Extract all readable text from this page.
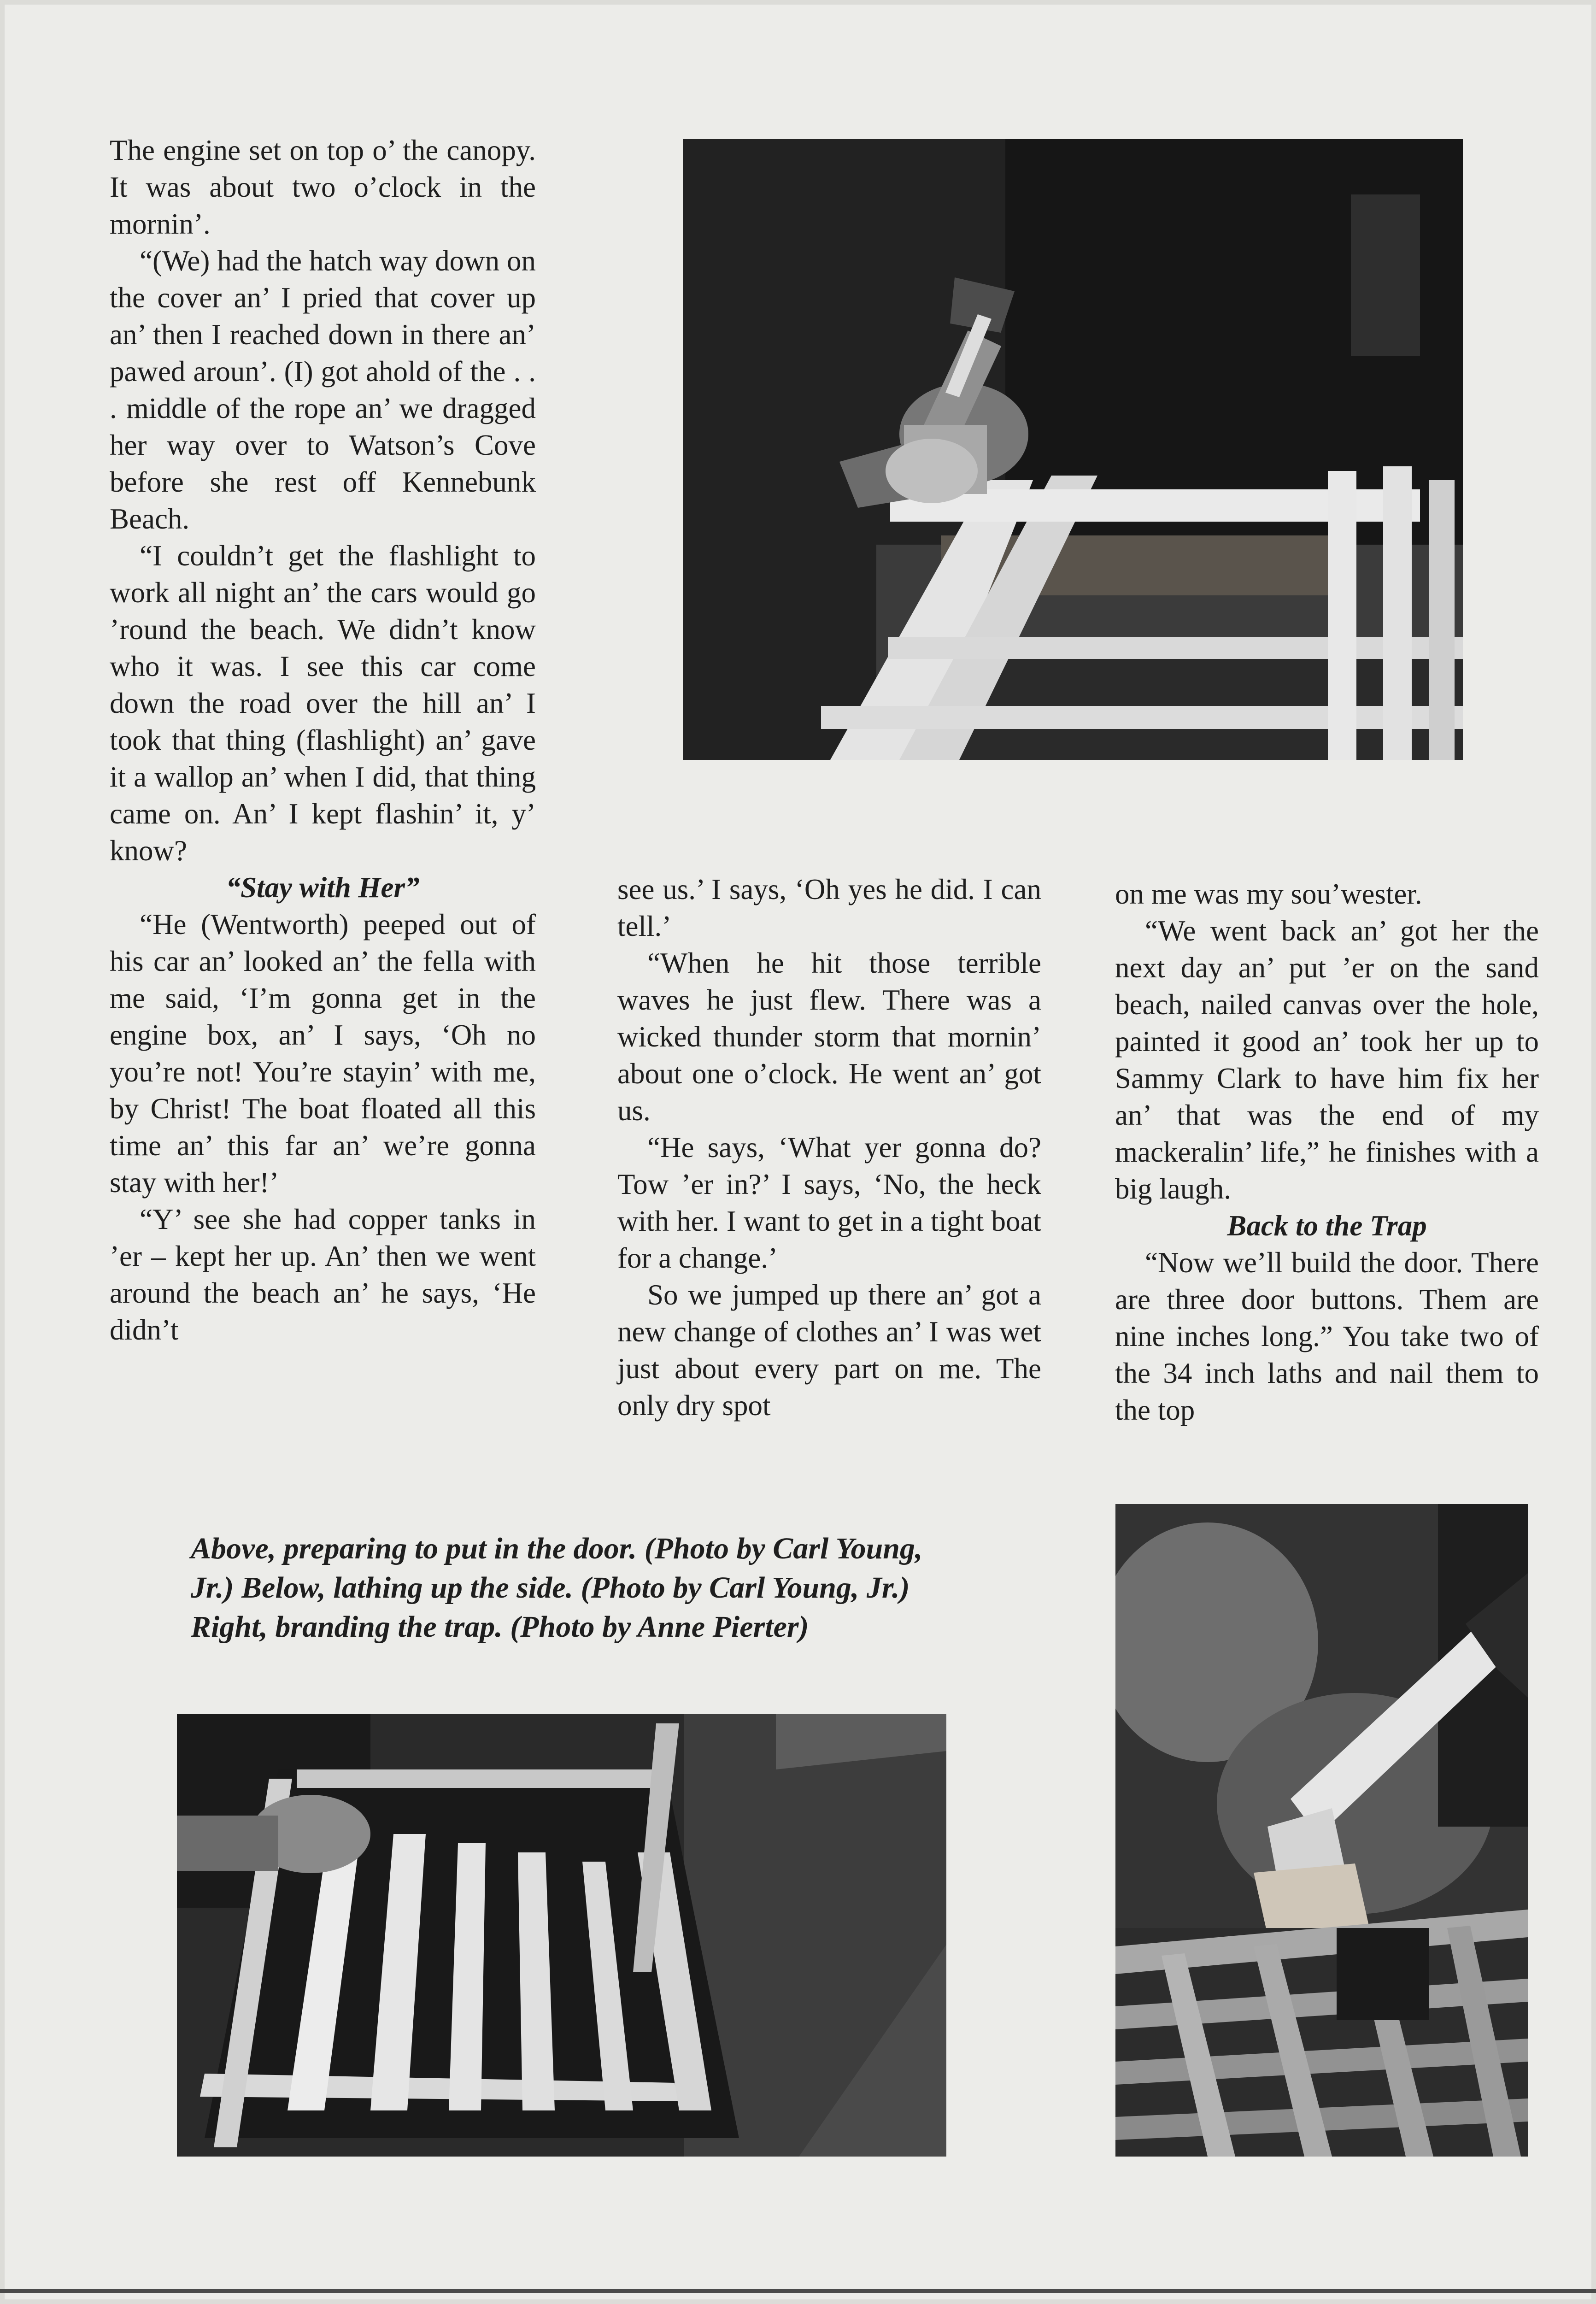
The engine set on top o’ the canopy. It was about two o’clock in the mornin’.

“(We) had the hatch way down on the cover an’ I pried that cover up an’ then I reached down in there an’ pawed aroun’. (I) got ahold of the . . . middle of the rope an’ we dragged her way over to Watson’s Cove before she rest off Kennebunk Beach.

“I couldn’t get the flashlight to work all night an’ the cars would go ’round the beach. We didn’t know who it was. I see this car come down the road over the hill an’ I took that thing (flashlight) an’ gave it a wallop an’ when I did, that thing came on. An’ I kept flashin’ it, y’ know?

“Stay with Her”

“He (Wentworth) peeped out of his car an’ looked an’ the fella with me said, ‘I’m gonna get in the engine box, an’ I says, ‘Oh no you’re not! You’re stayin’ with me, by Christ! The boat floated all this time an’ this far an’ we’re gonna stay with her!’

“Y’ see she had copper tanks in ’er – kept her up. An’ then we went around the beach an’ he says, ‘He didn’t

see us.’ I says, ‘Oh yes he did. I can tell.’

“When he hit those terrible waves he just flew. There was a wicked thunder storm that mornin’ about one o’clock. He went an’ got us.

“He says, ‘What yer gonna do? Tow ’er in?’ I says, ‘No, the heck with her. I want to get in a tight boat for a change.’

So we jumped up there an’ got a new change of clothes an’ I was wet just about every part on me. The only dry spot

on me was my sou’wester.

“We went back an’ got her the next day an’ put ’er on the sand beach, nailed canvas over the hole, painted it good an’ took her up to Sammy Clark to have him fix her an’ that was the end of my mackeralin’ life,” he finishes with a big laugh.

Back to the Trap

“Now we’ll build the door. There are three door buttons. Them are nine inches long.” You take two of the 34 inch laths and nail them to the top

Above, preparing to put in the door. (Photo by Carl Young, Jr.) Below, lathing up the side. (Photo by Carl Young, Jr.) Right, branding the trap. (Photo by Anne Pierter)
